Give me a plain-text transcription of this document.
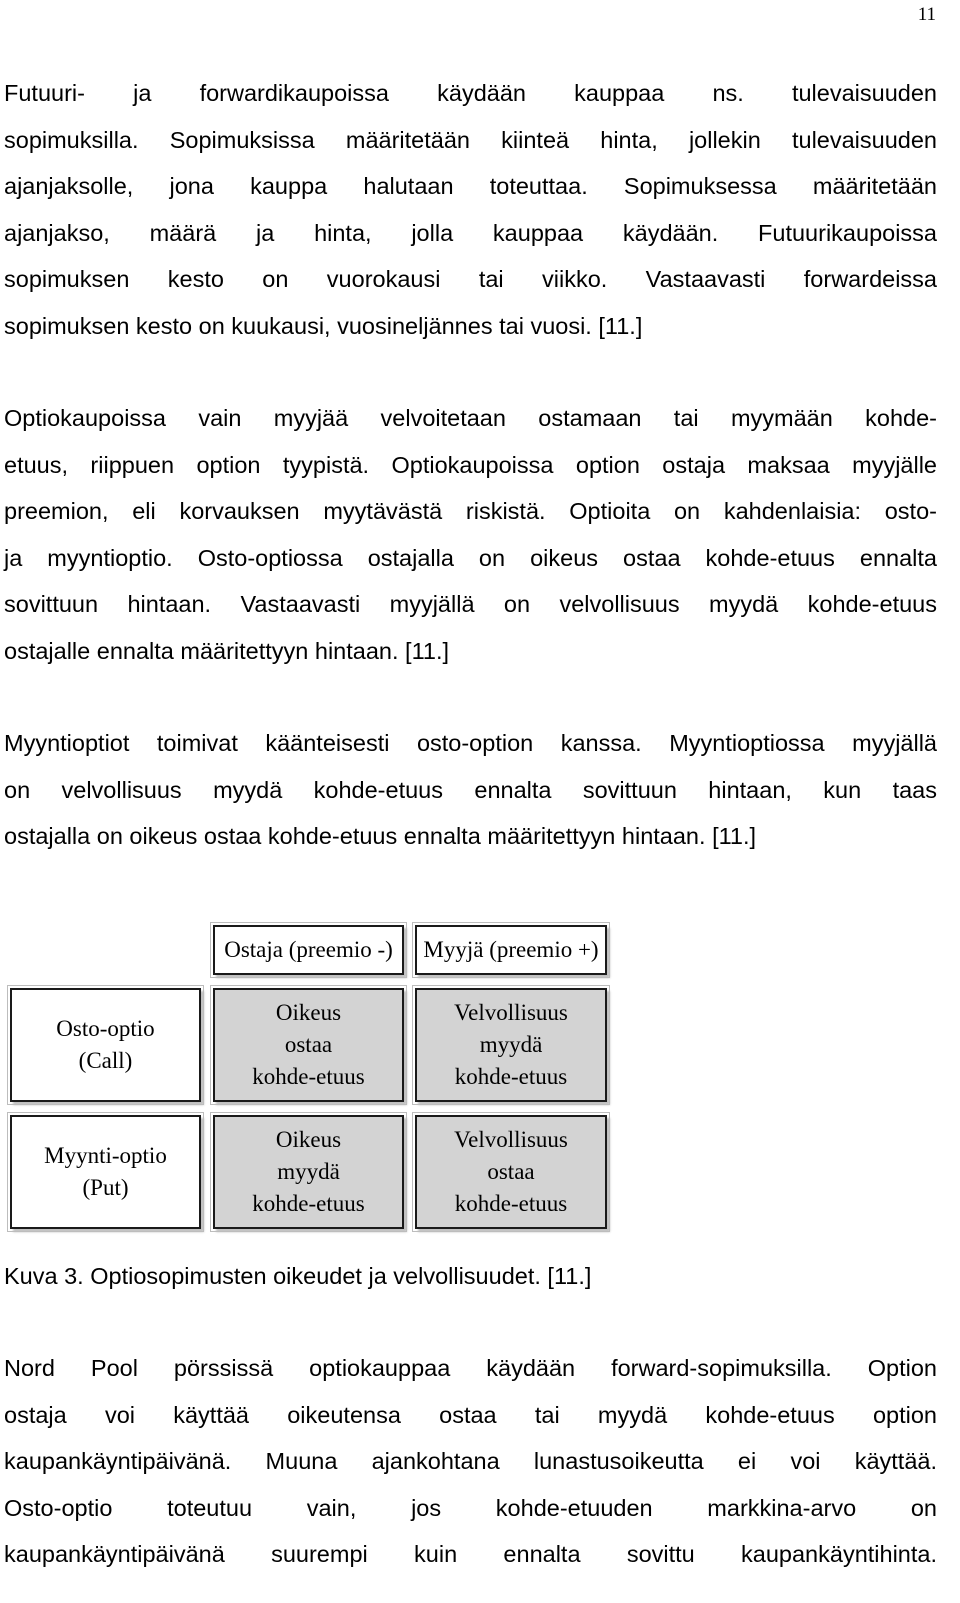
11
Futuuri- ja forwardikaupoissa käydään kauppaa ns. tulevaisuuden
sopimuksilla. Sopimuksissa määritetään kiinteä hinta, jollekin tulevaisuuden
ajanjaksolle, jona kauppa halutaan toteuttaa. Sopimuksessa määritetään
ajanjakso, määrä ja hinta, jolla kauppaa käydään. Futuurikaupoissa
sopimuksen kesto on vuorokausi tai viikko. Vastaavasti forwardeissa
sopimuksen kesto on kuukausi, vuosineljännes tai vuosi. [11.]
Optiokaupoissa vain myyjää velvoitetaan ostamaan tai myymään kohde-
etuus, riippuen option tyypistä. Optiokaupoissa option ostaja maksaa myyjälle
preemion, eli korvauksen myytävästä riskistä. Optioita on kahdenlaisia: osto-
ja myyntioptio. Osto-optiossa ostajalla on oikeus ostaa kohde-etuus ennalta
sovittuun hintaan. Vastaavasti myyjällä on velvollisuus myydä kohde-etuus
ostajalle ennalta määritettyyn hintaan. [11.]
Myyntioptiot toimivat käänteisesti osto-option kanssa. Myyntioptiossa myyjällä
on velvollisuus myydä kohde-etuus ennalta sovittuun hintaan, kun taas
ostajalla on oikeus ostaa kohde-etuus ennalta määritettyyn hintaan. [11.]
Ostaja (preemio -) Myyjä (preemio +)
Osto-optio
(Call)
Oikeus
ostaa
kohde-etuus
Velvollisuus
myydä
kohde-etuus
Myynti-optio
(Put)
Oikeus
myydä
kohde-etuus
Velvollisuus
ostaa
kohde-etuus
Kuva 3. Optiosopimusten oikeudet ja velvollisuudet. [11.]
Nord Pool pörssissä optiokauppaa käydään forward-sopimuksilla. Option
ostaja voi käyttää oikeutensa ostaa tai myydä kohde-etuus option
kaupankäyntipäivänä. Muuna ajankohtana lunastusoikeutta ei voi käyttää.
Osto-optio toteutuu vain, jos kohde-etuuden markkina-arvo on
kaupankäyntipäivänä suurempi kuin ennalta sovittu kaupankäyntihinta.
